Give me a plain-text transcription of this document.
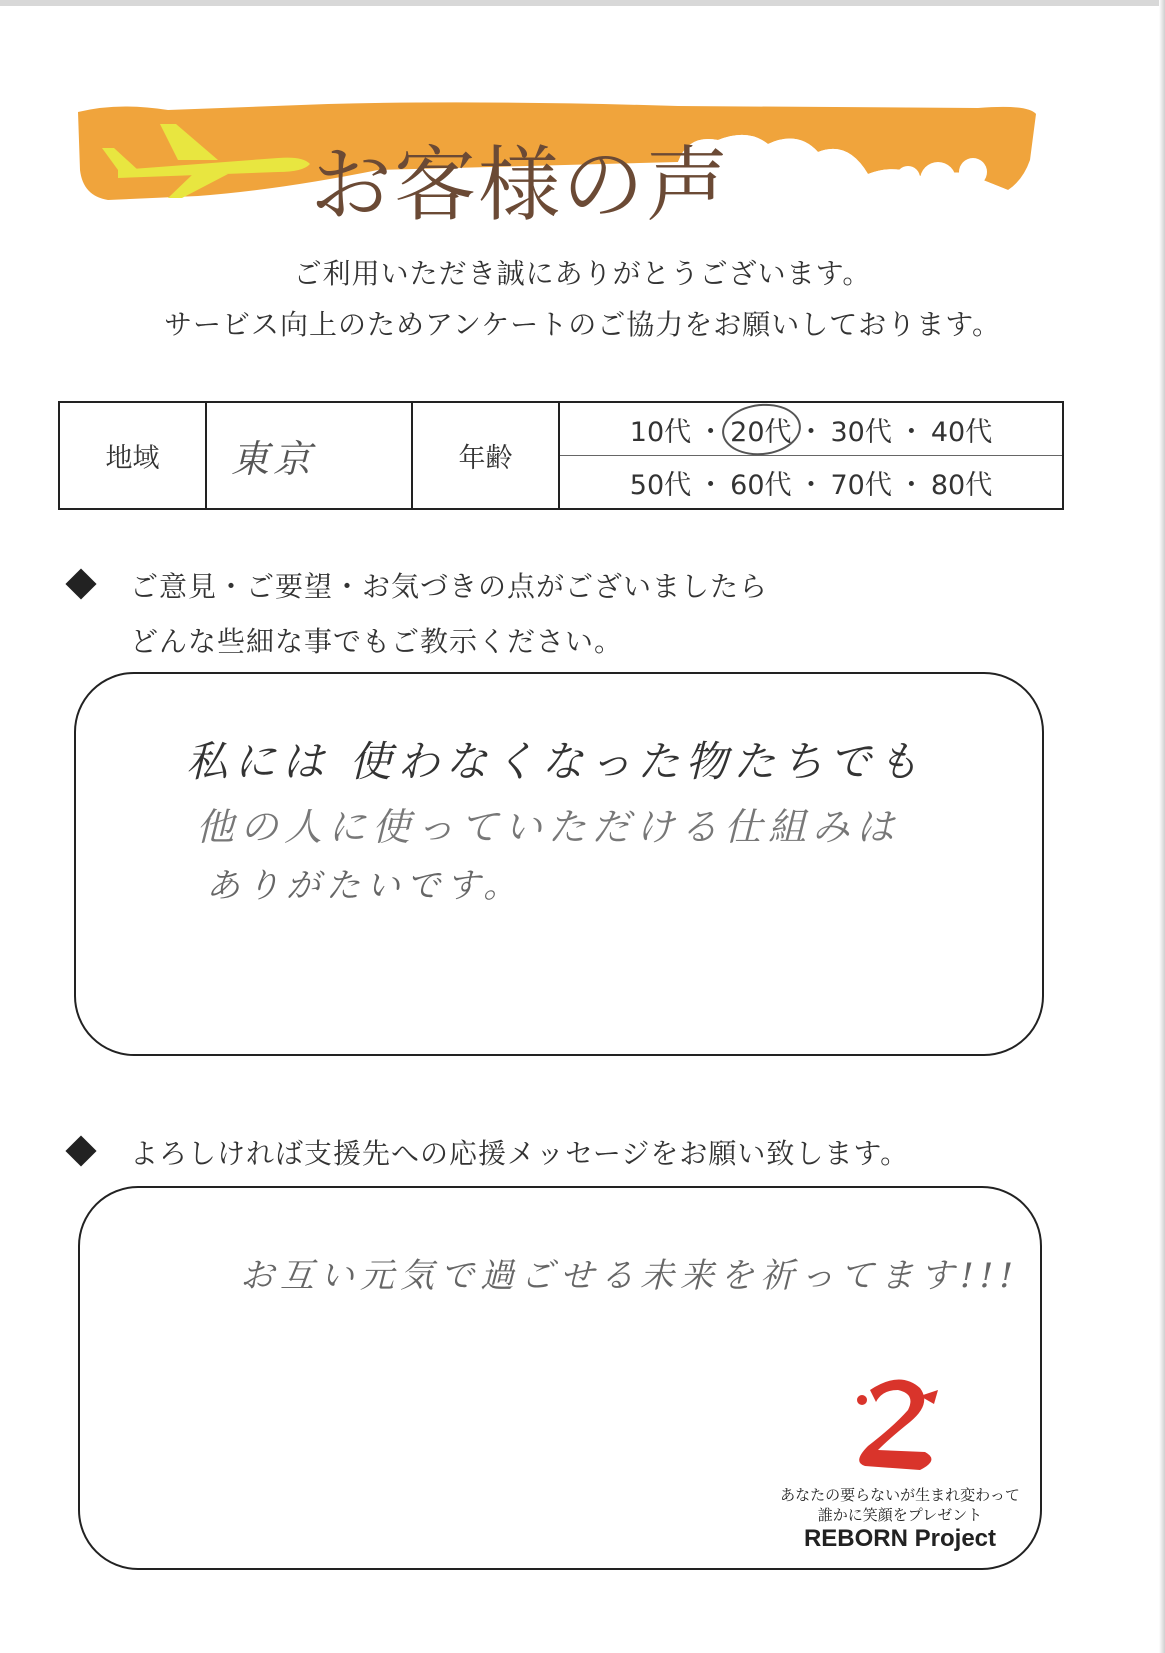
お客様の声
ご利用いただき誠にありがとうございます。
サービス向上のためアンケートのご協力をお願いしております。
地域	東京	年齢	
10代 ・ 20代 ・ 30代 ・ 40代
50代 ・ 60代 ・ 70代 ・ 80代
ご意見・ご要望・お気づきの点がございましたら
どんな些細な事でもご教示ください。
私には 使わなくなった物たちでも
他の人に使っていただける仕組みは
ありがたいです。
よろしければ支援先への応援メッセージをお願い致します。
お互い元気で過ごせる未来を祈ってます!!!
あなたの要らないが生まれ変わって
誰かに笑顔をプレゼント
REBORN Project
